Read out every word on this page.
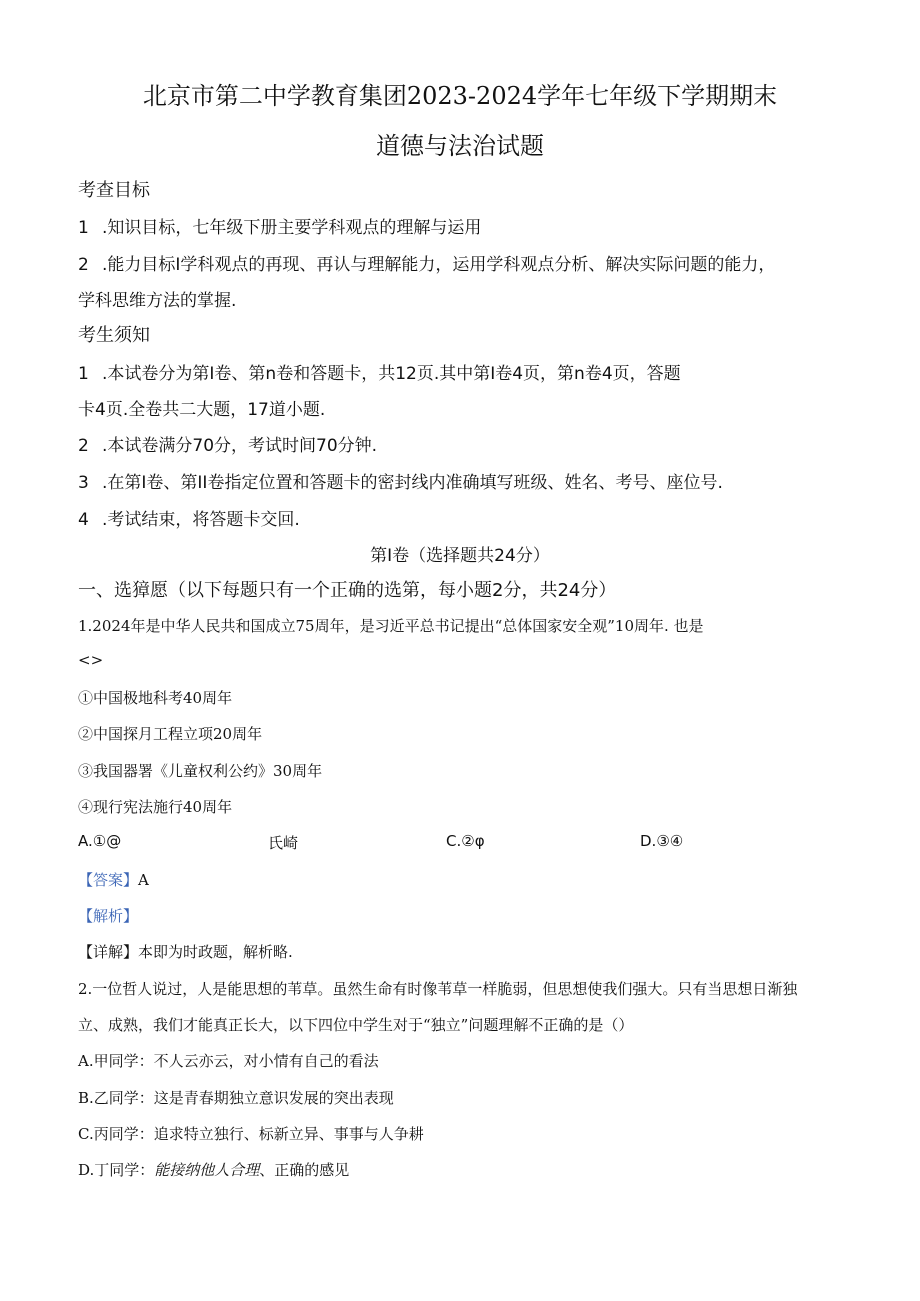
北京市第二中学教育集团2023-2024学年七年级下学期期末
道德与法治试题
考查目标
1 .知识目标，七年级下册主要学科观点的理解与运用
2 .能力目标I学科观点的再现、再认与理解能力，运用学科观点分析、解决实际问题的能力，
学科思维方法的掌握.
考生须知
1 .本试卷分为第I卷、第n卷和答题卡，共12页.其中第I卷4页，第n卷4页，答题
卡4页.全卷共二大题，17道小题.
2 .本试卷满分70分，考试时间70分钟.
3 .在第I卷、第II卷指定位置和答题卡的密封线内准确填写班级、姓名、考号、座位号.
4 .考试结束，将答题卡交回.
第I卷（选择题共24分）
一、选獐愿（以下每题只有一个正确的选第，每小题2分，共24分）
1.2024年是中华人民共和国成立75周年，是习近平总书记提出“总体国家安全观”10周年. 也是
<>
①中国极地科考40周年
②中国探月工程立项20周年
③我国器署《儿童权利公约》30周年
④现行宪法施行40周年
A.①@	氏崎	C.②φ	D.③④
【答案】A
【解析】
【详解】本即为时政题，解析略.
2.一位哲人说过，人是能思想的苇草。虽然生命有时像苇草一样脆弱，但思想使我们强大。只有当思想日渐独
立、成熟，我们才能真正长大，以下四位中学生对于“独立”问题理解不正确的是（）
A.甲同学：不人云亦云，对小情有自己的看法
B.乙同学：这是青春期独立意识发展的突出表现
C.丙同学：追求特立独行、标新立异、事事与人争耕
D.丁同学：能接纳他人合理、正确的感见
